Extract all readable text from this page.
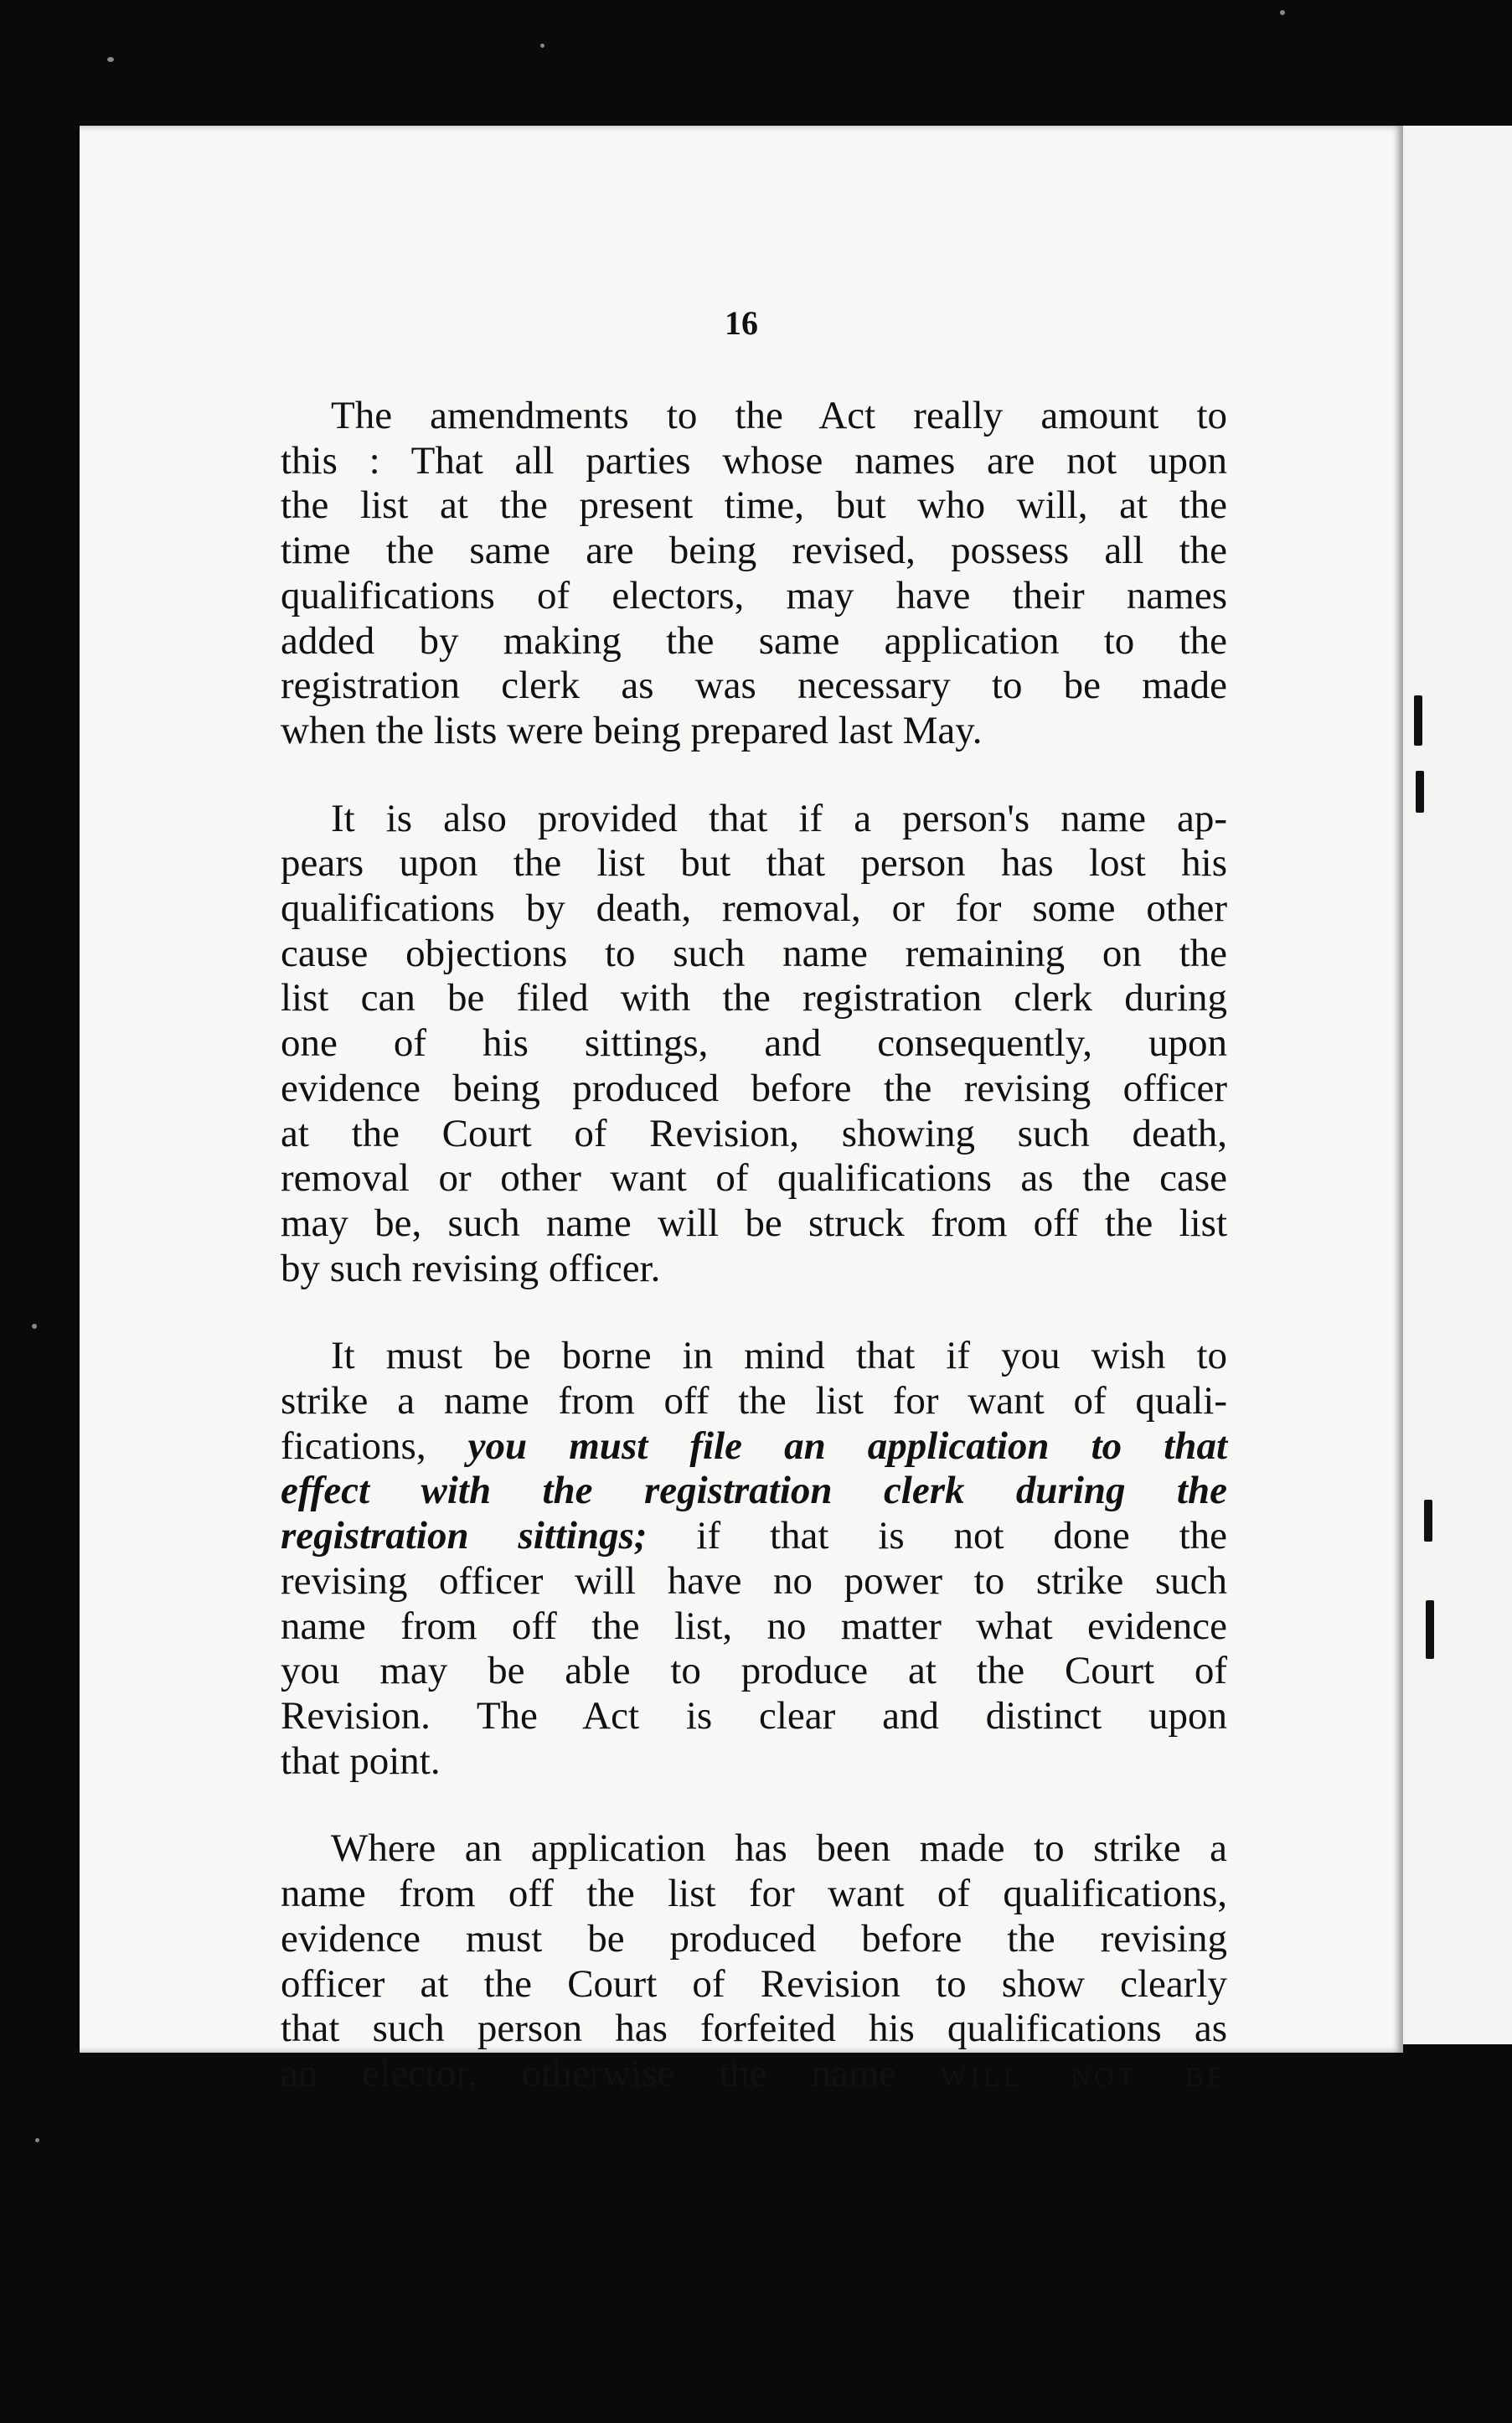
16
The amendments to the Act really amount to
this : That all parties whose names are not upon
the list at the present time, but who will, at the
time the same are being revised, possess all the
qualifications of electors, may have their names
added by making the same application to the
registration clerk as was necessary to be made
when the lists were being prepared last May.
It is also provided that if a person's name ap-
pears upon the list but that person has lost his
qualifications by death, removal, or for some other
cause objections to such name remaining on the
list can be filed with the registration clerk during
one of his sittings, and consequently, upon
evidence being produced before the revising officer
at the Court of Revision, showing such death,
removal or other want of qualifications as the case
may be, such name will be struck from off the list
by such revising officer.
It must be borne in mind that if you wish to
strike a name from off the list for want of quali-
fications, you must file an application to that
effect with the registration clerk during the
registration sittings; if that is not done the
revising officer will have no power to strike such
name from off the list, no matter what evidence
you may be able to produce at the Court of
Revision. The Act is clear and distinct upon
that point.
Where an application has been made to strike a
name from off the list for want of qualifications,
evidence must be produced before the revising
officer at the Court of Revision to show clearly
that such person has forfeited his qualifications as
an elector, otherwise the name will not be
